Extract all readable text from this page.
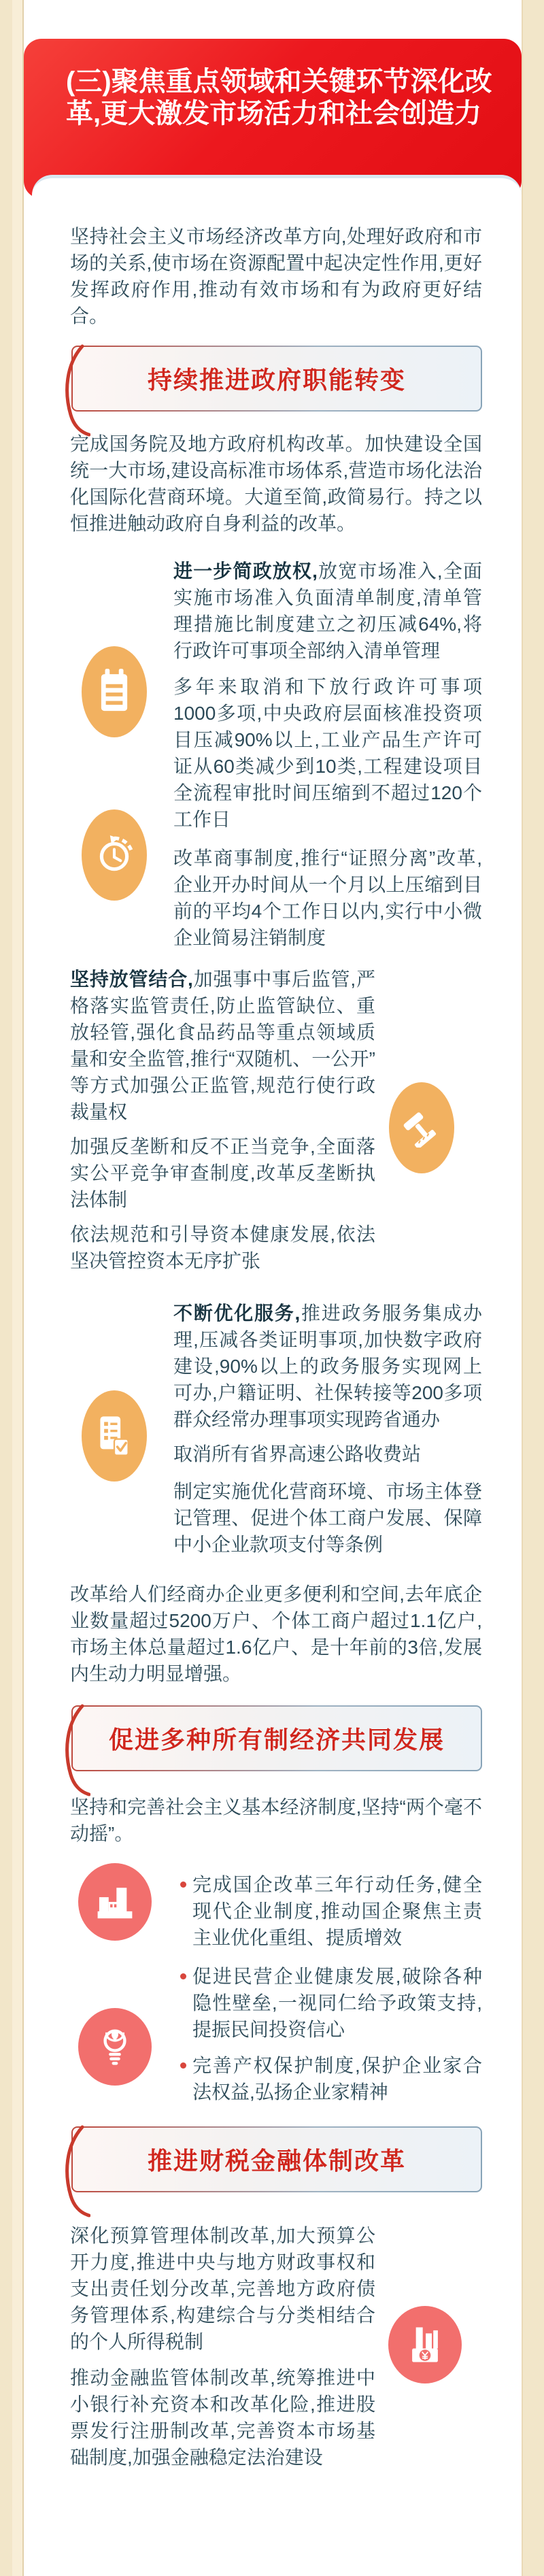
(三)聚焦重点领域和关键环节深化改革,更大激发市场活力和社会创造力

坚持社会主义市场经济改革方向,处理好政府和市场的关系,使市场在资源配置中起决定性作用,更好发挥政府作用,推动有效市场和有为政府更好结合。

持续推进政府职能转变

完成国务院及地方政府机构改革。加快建设全国统一大市场,建设高标准市场体系,营造市场化法治化国际化营商环境。大道至简,政简易行。持之以恒推进触动政府自身利益的改革。

进一步简政放权,放宽市场准入,全面实施市场准入负面清单制度,清单管理措施比制度建立之初压减64%,将行政许可事项全部纳入清单管理

多年来取消和下放行政许可事项1000多项,中央政府层面核准投资项目压减90%以上,工业产品生产许可证从60类减少到10类,工程建设项目全流程审批时间压缩到不超过120个工作日

改革商事制度,推行“证照分离”改革,企业开办时间从一个月以上压缩到目前的平均4个工作日以内,实行中小微企业简易注销制度

坚持放管结合,加强事中事后监管,严格落实监管责任,防止监管缺位、重放轻管,强化食品药品等重点领域质量和安全监管,推行“双随机、一公开”等方式加强公正监管,规范行使行政裁量权

加强反垄断和反不正当竞争,全面落实公平竞争审查制度,改革反垄断执法体制

依法规范和引导资本健康发展,依法坚决管控资本无序扩张

不断优化服务,推进政务服务集成办理,压减各类证明事项,加快数字政府建设,90%以上的政务服务实现网上可办,户籍证明、社保转接等200多项群众经常办理事项实现跨省通办

取消所有省界高速公路收费站

制定实施优化营商环境、市场主体登记管理、促进个体工商户发展、保障中小企业款项支付等条例

改革给人们经商办企业更多便利和空间,去年底企业数量超过5200万户、个体工商户超过1.1亿户,市场主体总量超过1.6亿户、是十年前的3倍,发展内生动力明显增强。

促进多种所有制经济共同发展

坚持和完善社会主义基本经济制度,坚持“两个毫不动摇”。

完成国企改革三年行动任务,健全现代企业制度,推动国企聚焦主责主业优化重组、提质增效

促进民营企业健康发展,破除各种隐性壁垒,一视同仁给予政策支持,提振民间投资信心

完善产权保护制度,保护企业家合法权益,弘扬企业家精神

推进财税金融体制改革

深化预算管理体制改革,加大预算公开力度,推进中央与地方财政事权和支出责任划分改革,完善地方政府债务管理体系,构建综合与分类相结合的个人所得税制

推动金融监管体制改革,统筹推进中小银行补充资本和改革化险,推进股票发行注册制改革,完善资本市场基础制度,加强金融稳定法治建设
